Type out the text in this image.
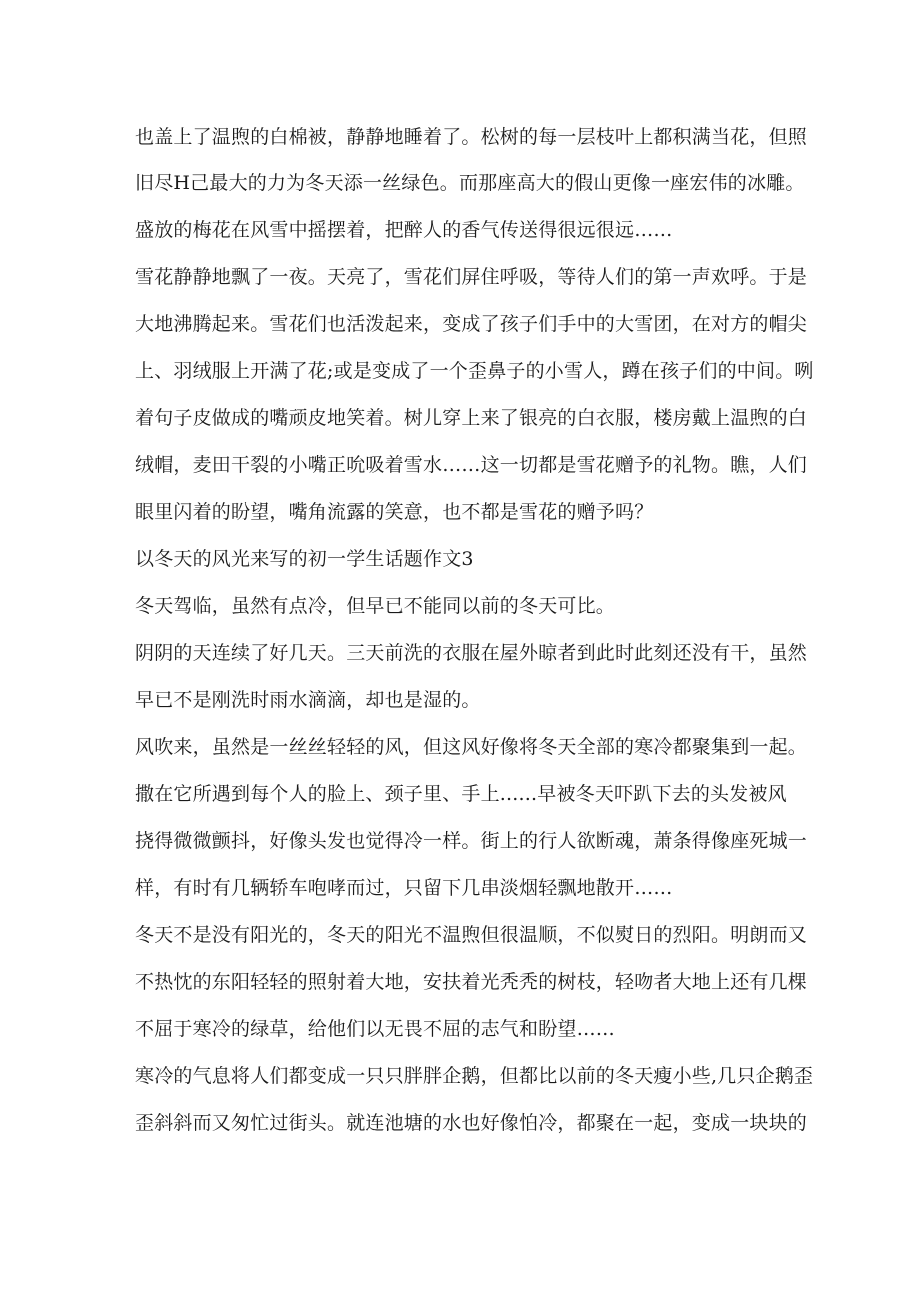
也盖上了温煦的白棉被，静静地睡着了。松树的每一层枝叶上都积满当花，但照
旧尽H己最大的力为冬天添一丝绿色。而那座高大的假山更像一座宏伟的冰雕。
盛放的梅花在风雪中摇摆着，把醉人的香气传送得很远很远……
雪花静静地飘了一夜。天亮了，雪花们屏住呼吸，等待人们的第一声欢呼。于是
大地沸腾起来。雪花们也活泼起来，变成了孩子们手中的大雪团，在对方的帽尖
上、羽绒服上开满了花;或是变成了一个歪鼻子的小雪人，蹲在孩子们的中间。咧
着句子皮做成的嘴顽皮地笑着。树儿穿上来了银亮的白衣服，楼房戴上温煦的白
绒帽，麦田干裂的小嘴正吮吸着雪水……这一切都是雪花赠予的礼物。瞧，人们
眼里闪着的盼望，嘴角流露的笑意，也不都是雪花的赠予吗？
以冬天的风光来写的初一学生话题作文3
冬天驾临，虽然有点冷，但早已不能同以前的冬天可比。
阴阴的天连续了好几天。三天前洗的衣服在屋外晾者到此时此刻还没有干，虽然
早已不是刚洗时雨水滴滴，却也是湿的。
风吹来，虽然是一丝丝轻轻的风，但这风好像将冬天全部的寒冷都聚集到一起。
撒在它所遇到每个人的脸上、颈子里、手上......早被冬天吓趴下去的头发被风
挠得微微颤抖，好像头发也觉得冷一样。街上的行人欲断魂，萧条得像座死城一
样，有时有几辆轿车咆哮而过，只留下几串淡烟轻飘地散开……
冬天不是没有阳光的，冬天的阳光不温煦但很温顺，不似熨日的烈阳。明朗而又
不热忱的东阳轻轻的照射着大地，安扶着光秃秃的树枝，轻吻者大地上还有几棵
不屈于寒冷的绿草，给他们以无畏不屈的志气和盼望……
寒冷的气息将人们都变成一只只胖胖企鹅，但都比以前的冬天瘦小些,几只企鹅歪
歪斜斜而又匆忙过街头。就连池塘的水也好像怕冷，都聚在一起，变成一块块的
